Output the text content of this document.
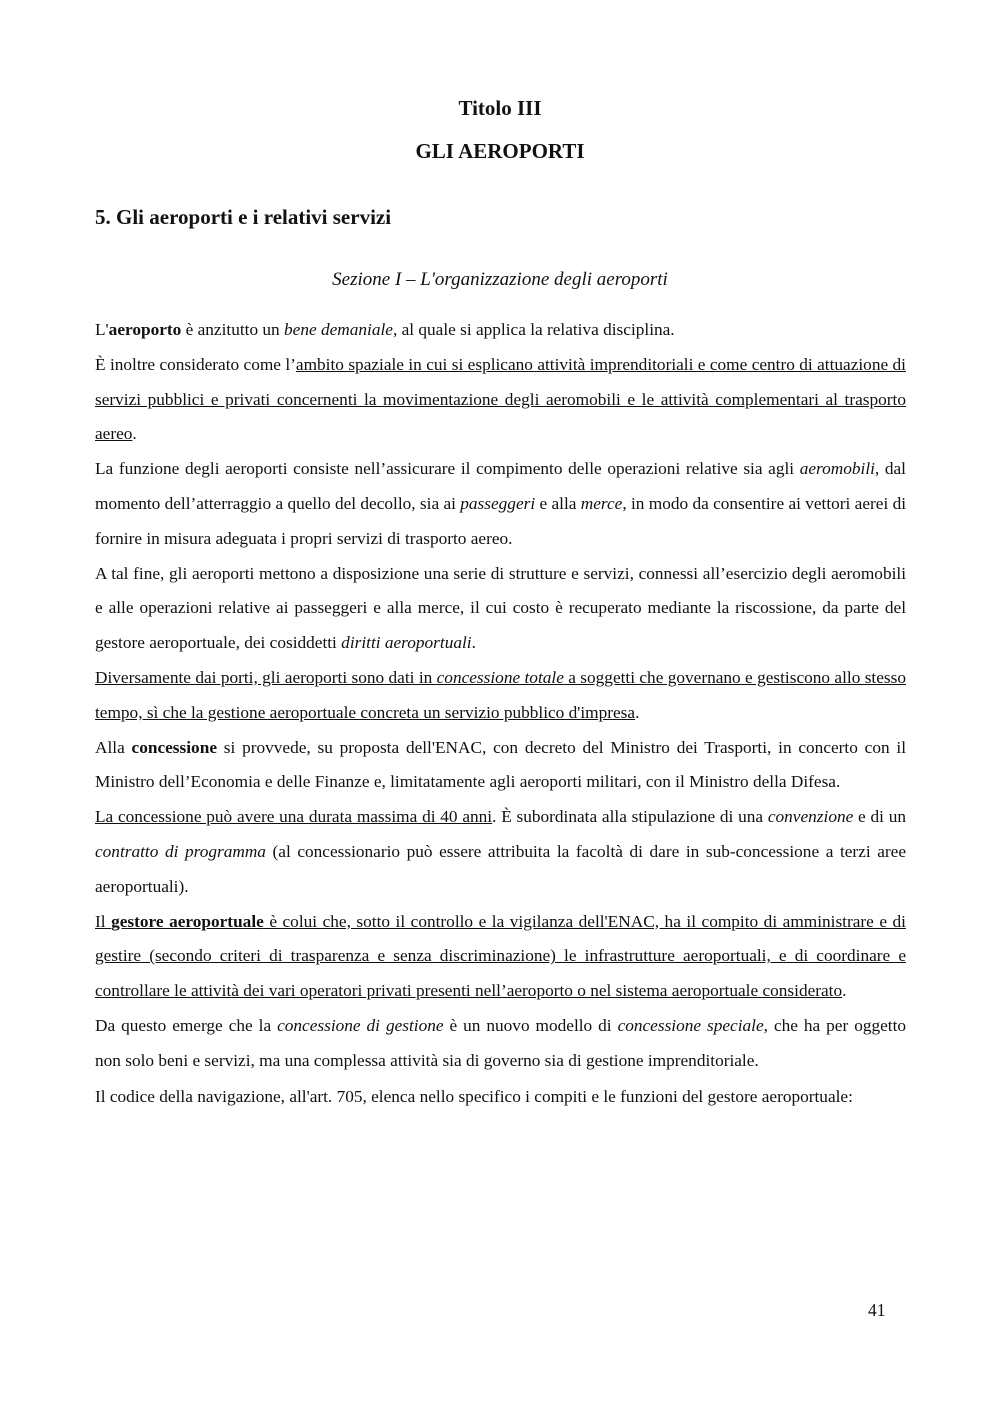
Titolo III

GLI AEROPORTI

5. Gli aeroporti e i relativi servizi

Sezione I – L'organizzazione degli aeroporti

L'aeroporto è anzitutto un bene demaniale, al quale si applica la relativa disciplina.

È inoltre considerato come l’ambito spaziale in cui si esplicano attività imprenditoriali e come centro di attuazione di servizi pubblici e privati concernenti la movimentazione degli aeromobili e le attività complementari al trasporto aereo.

La funzione degli aeroporti consiste nell’assicurare il compimento delle operazioni relative sia agli aeromobili, dal momento dell’atterraggio a quello del decollo, sia ai passeggeri e alla merce, in modo da consentire ai vettori aerei di fornire in misura adeguata i propri servizi di trasporto aereo.

A tal fine, gli aeroporti mettono a disposizione una serie di strutture e servizi, connessi all’esercizio degli aeromobili e alle operazioni relative ai passeggeri e alla merce, il cui costo è recuperato mediante la riscossione, da parte del gestore aeroportuale, dei cosiddetti diritti aeroportuali.

Diversamente dai porti, gli aeroporti sono dati in concessione totale a soggetti che governano e gestiscono allo stesso tempo, sì che la gestione aeroportuale concreta un servizio pubblico d'impresa.

Alla concessione si provvede, su proposta dell'ENAC, con decreto del Ministro dei Trasporti, in concerto con il Ministro dell’Economia e delle Finanze e, limitatamente agli aeroporti militari, con il Ministro della Difesa.

La concessione può avere una durata massima di 40 anni. È subordinata alla stipulazione di una convenzione e di un contratto di programma (al concessionario può essere attribuita la facoltà di dare in sub-concessione a terzi aree aeroportuali).

Il gestore aeroportuale è colui che, sotto il controllo e la vigilanza dell'ENAC, ha il compito di amministrare e di gestire (secondo criteri di trasparenza e senza discriminazione) le infrastrutture aeroportuali, e di coordinare e controllare le attività dei vari operatori privati presenti nell’aeroporto o nel sistema aeroportuale considerato.

Da questo emerge che la concessione di gestione è un nuovo modello di concessione speciale, che ha per oggetto non solo beni e servizi, ma una complessa attività sia di governo sia di gestione imprenditoriale.

Il codice della navigazione, all'art. 705, elenca nello specifico i compiti e le funzioni del gestore aeroportuale:

41
